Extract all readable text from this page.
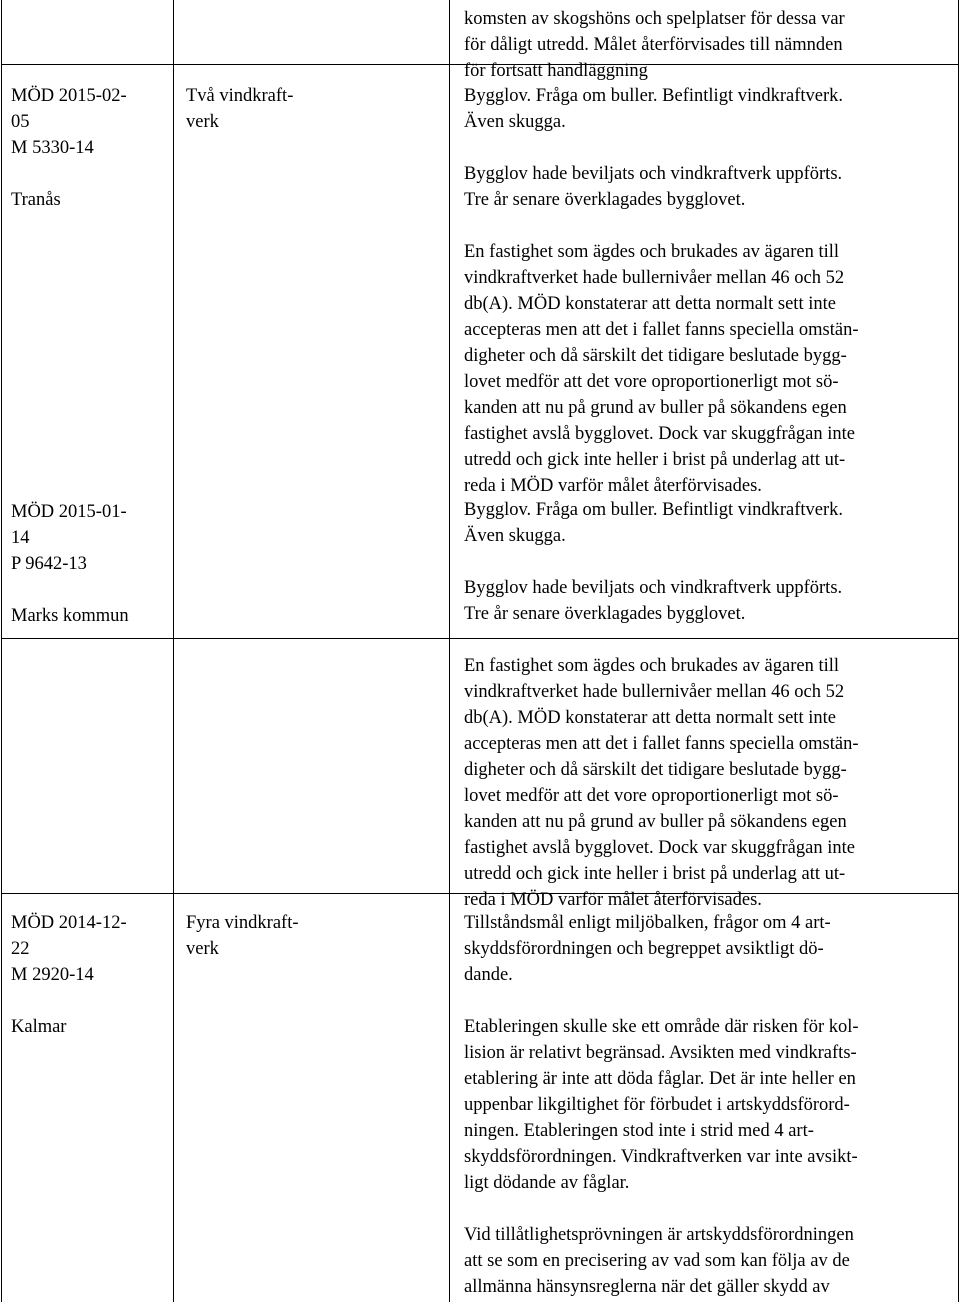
komsten av skogshöns och spelplatser för dessa var

för dåligt utredd. Målet återförvisades till nämnden

för fortsatt handläggning

MÖD 2015-02-

05

M 5330-14

Tranås

Två vindkraft-

verk

Bygglov. Fråga om buller. Befintligt vindkraftverk.

Även skugga.

Bygglov hade beviljats och vindkraftverk uppförts.

Tre år senare överklagades bygglovet.

En fastighet som ägdes och brukades av ägaren till

vindkraftverket hade bullernivåer mellan 46 och 52

db(A). MÖD konstaterar att detta normalt sett inte

accepteras men att det i fallet fanns speciella omstän-

digheter och då särskilt det tidigare beslutade bygg-

lovet medför att det vore oproportionerligt mot sö-

kanden att nu på grund av buller på sökandens egen

fastighet avslå bygglovet. Dock var skuggfrågan inte

utredd och gick inte heller i brist på underlag att ut-

reda i MÖD varför målet återförvisades.

MÖD 2015-01-

14

P 9642-13

Marks kommun

Bygglov. Fråga om buller. Befintligt vindkraftverk.

Även skugga.

Bygglov hade beviljats och vindkraftverk uppförts.

Tre år senare överklagades bygglovet.

En fastighet som ägdes och brukades av ägaren till

vindkraftverket hade bullernivåer mellan 46 och 52

db(A). MÖD konstaterar att detta normalt sett inte

accepteras men att det i fallet fanns speciella omstän-

digheter och då särskilt det tidigare beslutade bygg-

lovet medför att det vore oproportionerligt mot sö-

kanden att nu på grund av buller på sökandens egen

fastighet avslå bygglovet. Dock var skuggfrågan inte

utredd och gick inte heller i brist på underlag att ut-

reda i MÖD varför målet återförvisades.

MÖD 2014-12-

22

M 2920-14

Kalmar

Fyra vindkraft-

verk

Tillståndsmål enligt miljöbalken, frågor om 4 art-

skyddsförordningen och begreppet avsiktligt dö-

dande.

Etableringen skulle ske ett område där risken för kol-

lision är relativt begränsad. Avsikten med vindkrafts-

etablering är inte att döda fåglar. Det är inte heller en

uppenbar likgiltighet för förbudet i artskyddsförord-

ningen. Etableringen stod inte i strid med 4 art-

skyddsförordningen. Vindkraftverken var inte avsikt-

ligt dödande av fåglar.

Vid tillåtlighetsprövningen är artskyddsförordningen

att se som en precisering av vad som kan följa av de

allmänna hänsynsreglerna när det gäller skydd av
